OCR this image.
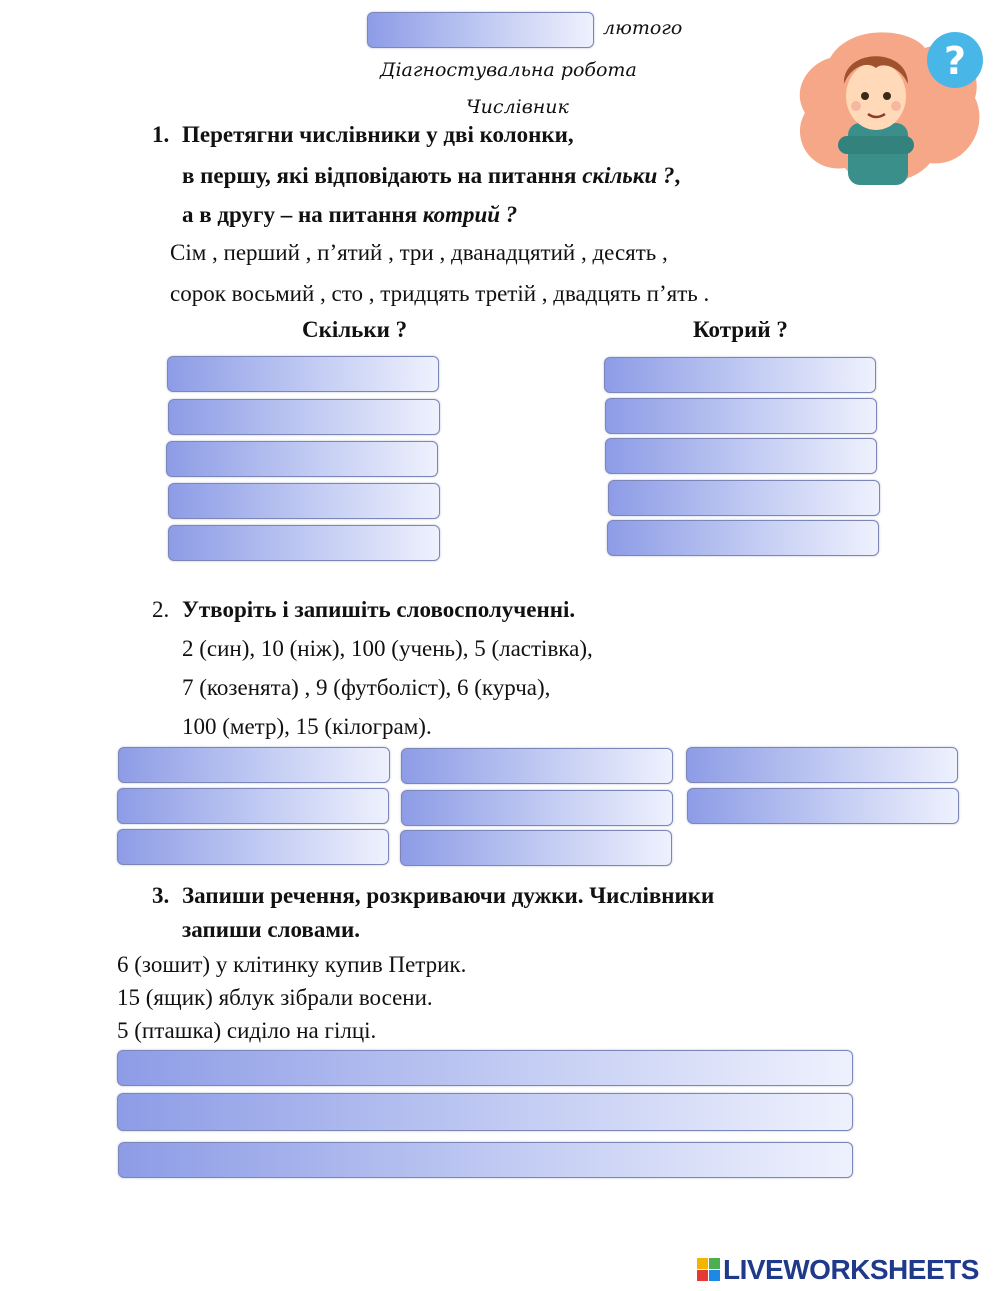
лютого
Діагностувальна робота
Числівник
?
1. Перетягни числівники у дві колонки,
в першу, які відповідають на питання скільки ?,
а в другу – на питання котрий ?
Сім , перший , п’ятий , три , дванадцятий , десять ,
сорок восьмий , сто , тридцять третій , двадцять п’ять .
Скільки ?	Котрий ?
2. Утворіть і запишіть словосполученні.
2 (син), 10 (ніж), 100 (учень), 5 (ластівка),
7 (козенята) , 9 (футболіст), 6 (курча),
100 (метр), 15 (кілограм).
3. Запиши речення, розкриваючи дужки. Числівники
запиши словами.
6 (зошит) у клітинку купив Петрик.
15 (ящик) яблук зібрали восени.
5 (пташка) сиділо на гілці.
LIVEWORKSHEETS
